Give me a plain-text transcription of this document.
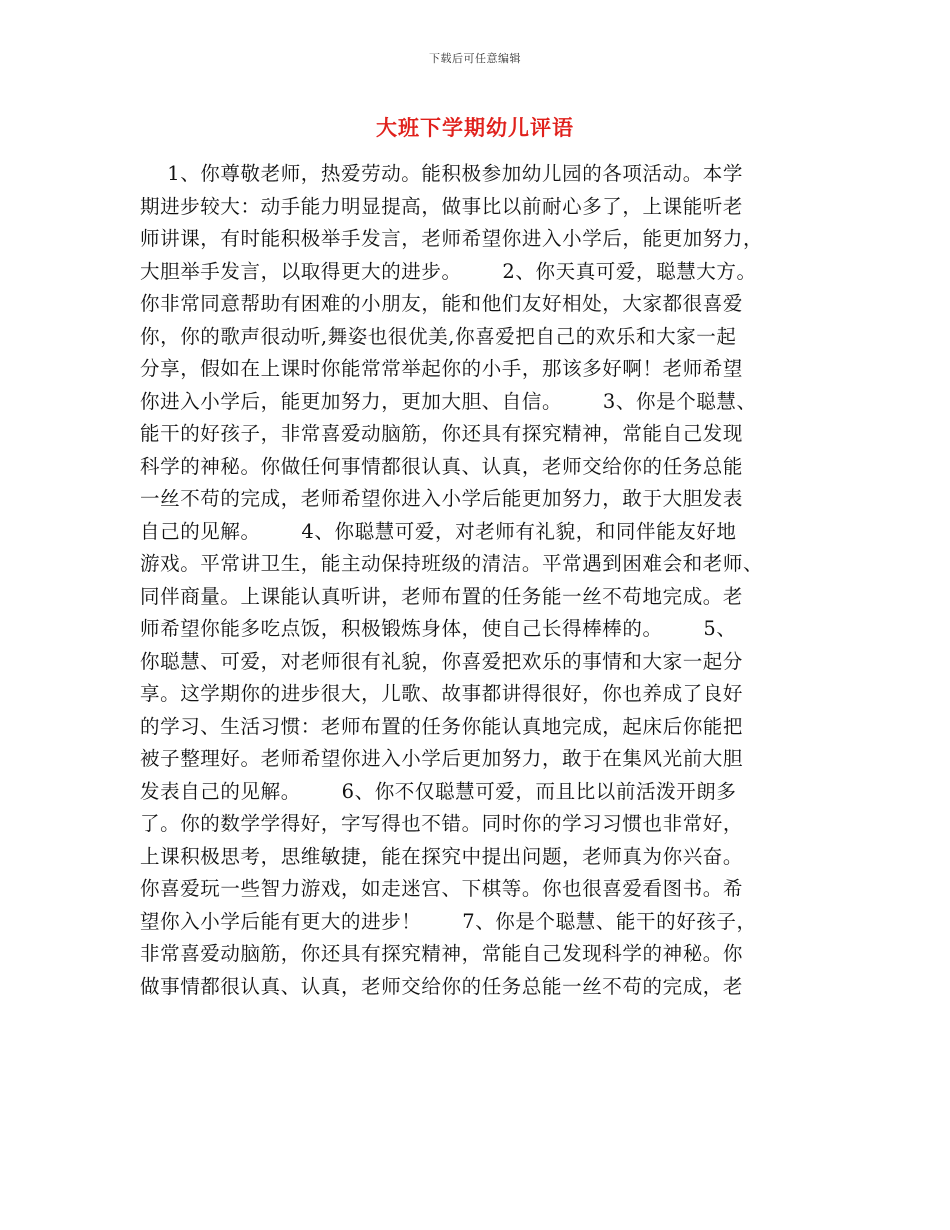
下载后可任意编辑
大班下学期幼儿评语
1、你尊敬老师，热爱劳动。能积极参加幼儿园的各项活动。本学
期进步较大：动手能力明显提高，做事比以前耐心多了，上课能听老
师讲课，有时能积极举手发言，老师希望你进入小学后，能更加努力，
大胆举手发言，以取得更大的进步。      2、你天真可爱，聪慧大方。
你非常同意帮助有困难的小朋友，能和他们友好相处，大家都很喜爱
你，你的歌声很动听,舞姿也很优美,你喜爱把自己的欢乐和大家一起
分享，假如在上课时你能常常举起你的小手，那该多好啊！老师希望
你进入小学后，能更加努力，更加大胆、自信。      3、你是个聪慧、
能干的好孩子，非常喜爱动脑筋，你还具有探究精神，常能自己发现
科学的神秘。你做任何事情都很认真、认真，老师交给你的任务总能
一丝不苟的完成，老师希望你进入小学后能更加努力，敢于大胆发表
自己的见解。      4、你聪慧可爱，对老师有礼貌，和同伴能友好地
游戏。平常讲卫生，能主动保持班级的清洁。平常遇到困难会和老师、
同伴商量。上课能认真听讲，老师布置的任务能一丝不苟地完成。老
师希望你能多吃点饭，积极锻炼身体，使自己长得棒棒的。      5、
你聪慧、可爱，对老师很有礼貌，你喜爱把欢乐的事情和大家一起分
享。这学期你的进步很大，儿歌、故事都讲得很好，你也养成了良好
的学习、生活习惯：老师布置的任务你能认真地完成，起床后你能把
被子整理好。老师希望你进入小学后更加努力，敢于在集风光前大胆
发表自己的见解。      6、你不仅聪慧可爱，而且比以前活泼开朗多
了。你的数学学得好，字写得也不错。同时你的学习习惯也非常好，
上课积极思考，思维敏捷，能在探究中提出问题，老师真为你兴奋。
你喜爱玩一些智力游戏，如走迷宫、下棋等。你也很喜爱看图书。希
望你入小学后能有更大的进步！      7、你是个聪慧、能干的好孩子，
非常喜爱动脑筋，你还具有探究精神，常能自己发现科学的神秘。你
做事情都很认真、认真，老师交给你的任务总能一丝不苟的完成，老
